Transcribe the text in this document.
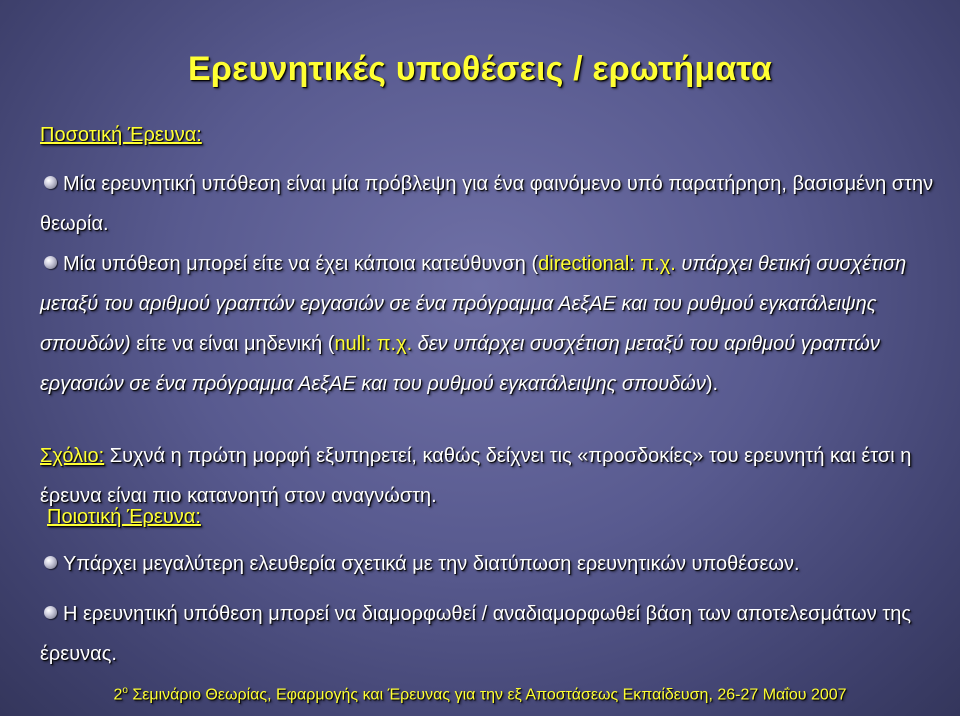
Ερευνητικές υποθέσεις / ερωτήματα
Ποσοτική Έρευνα:
Μία ερευνητική υπόθεση είναι μία πρόβλεψη για ένα φαινόμενο υπό παρατήρηση, βασισμένη στην θεωρία.
Μία υπόθεση μπορεί είτε να έχει κάποια κατεύθυνση (directional: π.χ. υπάρχει θετική συσχέτιση μεταξύ του αριθμού γραπτών εργασιών σε ένα πρόγραμμα ΑεξΑΕ και του ρυθμού εγκατάλειψης σπουδών) είτε να είναι μηδενική (null: π.χ. δεν υπάρχει συσχέτιση μεταξύ του αριθμού γραπτών εργασιών σε ένα πρόγραμμα ΑεξΑΕ και του ρυθμού εγκατάλειψης σπουδών).
Σχόλιο: Συχνά η πρώτη μορφή εξυπηρετεί, καθώς δείχνει τις «προσδοκίες» του ερευνητή και έτσι η έρευνα είναι πιο κατανοητή στον αναγνώστη.
Ποιοτική Έρευνα:
Υπάρχει μεγαλύτερη ελευθερία σχετικά με την διατύπωση ερευνητικών υποθέσεων.
Η ερευνητική υπόθεση μπορεί να διαμορφωθεί / αναδιαμορφωθεί βάση των αποτελεσμάτων της έρευνας.
$2^o$ Σεμινάριο Θεωρίας, Εφαρμογής και Έρευνας για την εξ Αποστάσεως Εκπαίδευση, 26-27 Μαΐου 2007
